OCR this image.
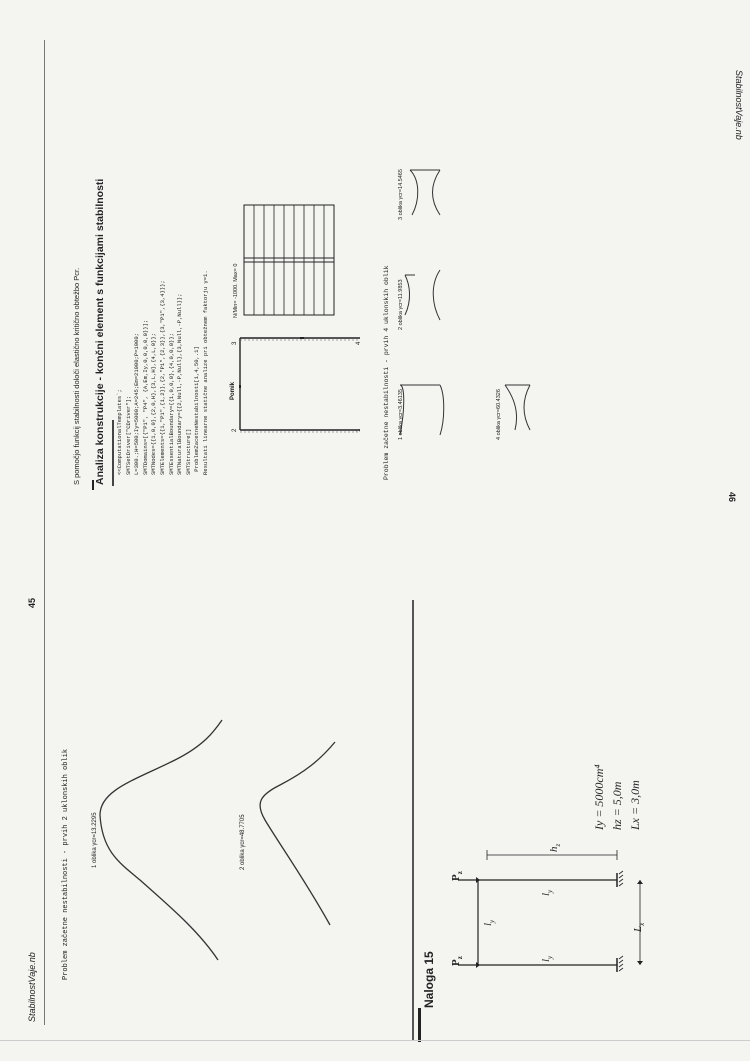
StabilnostVaje.nb
45
Problem začetne nestabilnosti - prvih 2 uklonskih oblik	1 oblika γcr=13.2295	2 oblika γcr=48.7705
Naloga 15 $P_z$
$P_z$
$l_y$
$l_y$
$l_y$
$h_z$
$L_x$
Iy = 5000cm⁴ hz = 5,0m Lx = 3,0m
46
StabilnostVaje.nb
S pomočjo funkcij stabilnosti določi elastično kritično obtežbo Pcr. Analiza konstrukcije - končni element s funkcijami stabilnosti <<ComputationalTemplates`; SMTSetDriver["CDriver"]; L=300.;H=500;Iy=5000;A=245;Em=21000;P=1000; SMTDomains=[{"P1", "P4", {A,Em,Iy,0,0,0,0,0}}]; SMTNodes={{1,0,0},{2,0,H},{3,L,H},{4,L,0}}; SMTElements={{1,"P1",{1,2}},{2,"P1",{2,3}},{3,"P1",{3,4}}}; SMTEssentialBoundary={{1,0,0,0},{4,0,0,0}}; SMTNaturalBoundary={{2,Null,-P,Null},{3,Null,-P,Null}}; SMTStructure[] ProblemZacetneNestabilnosti[1,4,50,.1] Resultati linearne statične analize pri obtežnem faktorju γ=1.	Pomik
1
2
3	4
N/Min= -1000. Max= 0	Problem začetne nestabilnosti - prvih 4 uklonskih oblik 1 oblika γcr=3.46135
2 oblika γcr=11.9853
3 oblika γcr=14.5465
4 oblika γcr=60.4326
